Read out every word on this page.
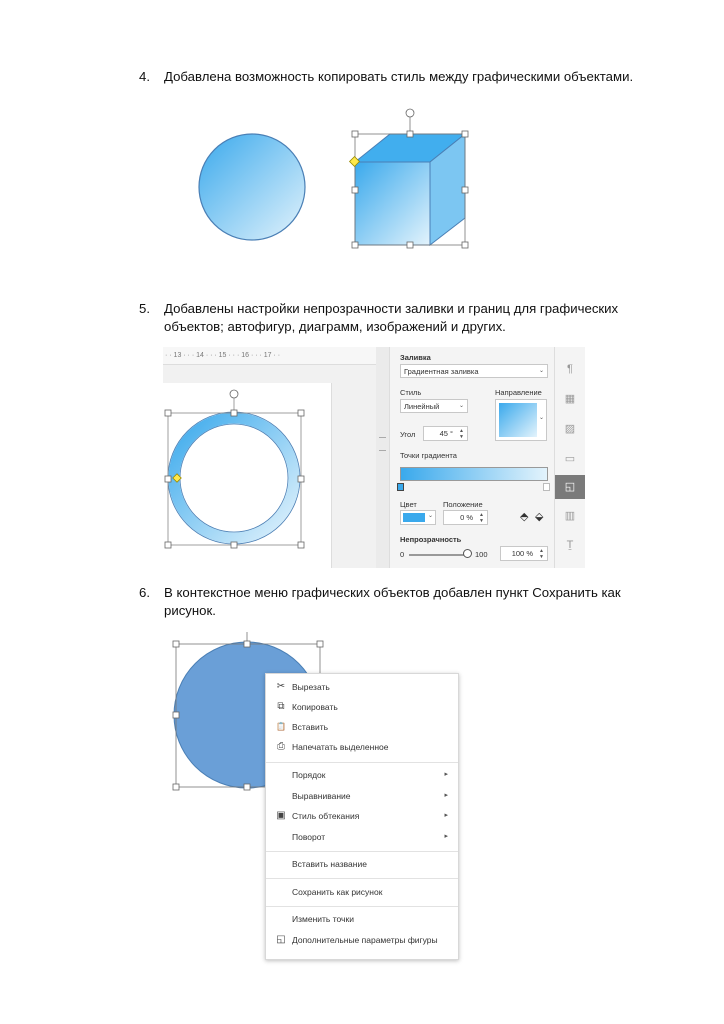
4. Добавлена возможность копировать стиль между графическими объектами.
5. Добавлены настройки непрозрачности заливки и границ для графических объектов; автофигур, диаграмм, изображений и других.
· · 13 · · · 14 · · · 15 · · · 16 · · · 17 · ·	Заливка
Градиентная заливка	⌄
Стиль	Направление
Линейный	⌄
⌄
Угол	45 ° ▲
▼
Точки градиента
Цвет	Положение
⌄	0 % ▲
▼	⬘ ⬙
Непрозрачность
0	100	100 % ▲
▼
¶
▦
▨
▭
◱
▥
Ṯ
6. В контекстное меню графических объектов добавлен пункт Сохранить как рисунок.
✂ Вырезать
⧉ Копировать
📋 Вставить
⎙ Напечатать выделенное
Порядок	▸
Выравнивание	▸
▣ Стиль обтекания	▸
Поворот	▸
Вставить название
Сохранить как рисунок
Изменить точки
◱ Дополнительные параметры фигуры
